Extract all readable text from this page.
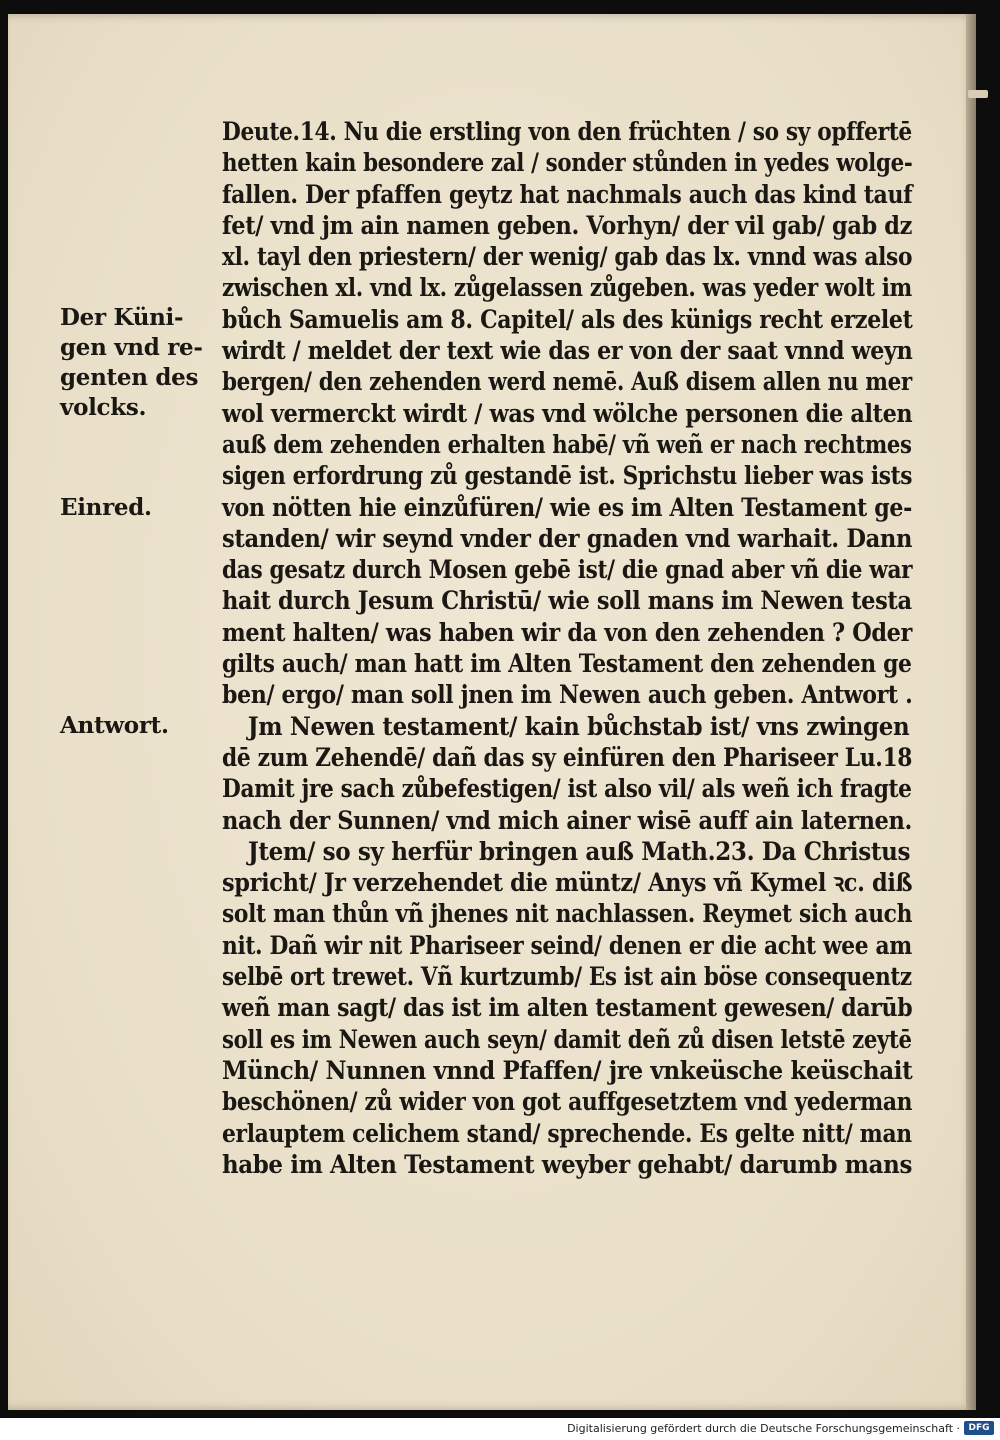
Der Küni-
gen vnd re-
genten des
volcks.
Einred.
Antwort.
Deute.14. Nu die erstling von den früchten / so sy opffertē
hetten kain besondere zal / sonder stůnden in yedes wolge-
fallen. Der pfaffen geytz hat nachmals auch das kind tauf
fet/ vnd jm ain namen geben. Vorhyn/ der vil gab/ gab dz
xl. tayl den priestern/ der wenig/ gab das lx. vnnd was also
zwischen xl. vnd lx. zůgelassen zůgeben. was yeder wolt im
bůch Samuelis am 8. Capitel/ als des künigs recht erzelet
wirdt / meldet der text wie das er von der saat vnnd weyn
bergen/ den zehenden werd nemē. Auß disem allen nu mer
wol vermerckt wirdt / was vnd wölche personen die alten
auß dem zehenden erhalten habē/ vñ weñ er nach rechtmes
sigen erfordrung zů gestandē ist. Sprichstu lieber was ists
von nötten hie einzůfüren/ wie es im Alten Testament ge-
standen/ wir seynd vnder der gnaden vnd warhait. Dann
das gesatz durch Mosen gebē ist/ die gnad aber vñ die war
hait durch Jesum Christū/ wie soll mans im Newen testa
ment halten/ was haben wir da von den zehenden ? Oder
gilts auch/ man hatt im Alten Testament den zehenden ge
ben/ ergo/ man soll jnen im Newen auch geben. Antwort .
Jm Newen testament/ kain bůchstab ist/ vns zwingen
dē zum Zehendē/ dañ das sy einfüren den Phariseer Lu.18
Damit jre sach zůbefestigen/ ist also vil/ als weñ ich fragte
nach der Sunnen/ vnd mich ainer wisē auff ain laternen.
Jtem/ so sy herfür bringen auß Math.23. Da Christus
spricht/ Jr verzehendet die müntz/ Anys vñ Kymel ꝛc. diß
solt man thůn vñ jhenes nit nachlassen. Reymet sich auch
nit. Dañ wir nit Phariseer seind/ denen er die acht wee am
selbē ort trewet. Vñ kurtzumb/ Es ist ain böse consequentz
weñ man sagt/ das ist im alten testament gewesen/ darūb
soll es im Newen auch seyn/ damit deñ zů disen letstē zeytē
Münch/ Nunnen vnnd Pfaffen/ jre vnkeüsche keüschait
beschönen/ zů wider von got auffgesetztem vnd yederman
erlauptem celichem stand/ sprechende. Es gelte nitt/ man
habe im Alten Testament weyber gehabt/ darumb mans
Digitalisierung gefördert durch die Deutsche Forschungsgemeinschaft · DFG
